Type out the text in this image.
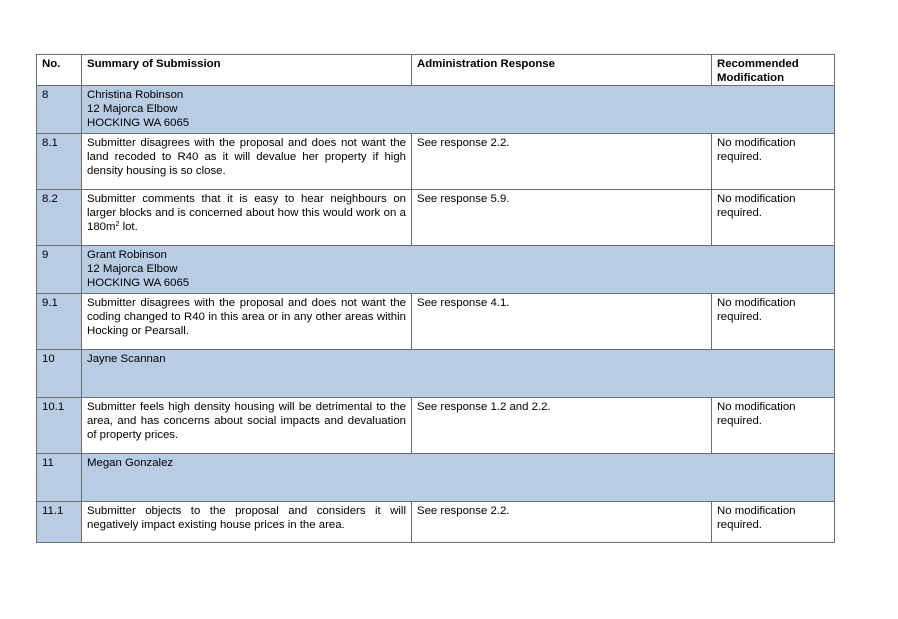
No.	Summary of Submission	Administration Response	Recommended Modification
8	Christina Robinson
12 Majorca Elbow
HOCKING WA 6065		

8.1	Submitter disagrees with the proposal and does not want the land recoded to R40 as it will devalue her property if high density housing is so close.	See response 2.2.	No modification required.
8.2	Submitter comments that it is easy to hear neighbours on larger blocks and is concerned about how this would work on a $180m^2$ lot.	See response 5.9.	No modification required.
9	Grant Robinson
12 Majorca Elbow
HOCKING WA 6065		

9.1	Submitter disagrees with the proposal and does not want the coding changed to R40 in this area or in any other areas within Hocking or Pearsall.	See response 4.1.	No modification required.
10	Jayne Scannan		

10.1	Submitter feels high density housing will be detrimental to the area, and has concerns about social impacts and devaluation of property prices.	See response 1.2 and 2.2.	No modification required.
11	Megan Gonzalez		

11.1	Submitter objects to the proposal and considers it will negatively impact existing house prices in the area.	See response 2.2.	No modification required.
